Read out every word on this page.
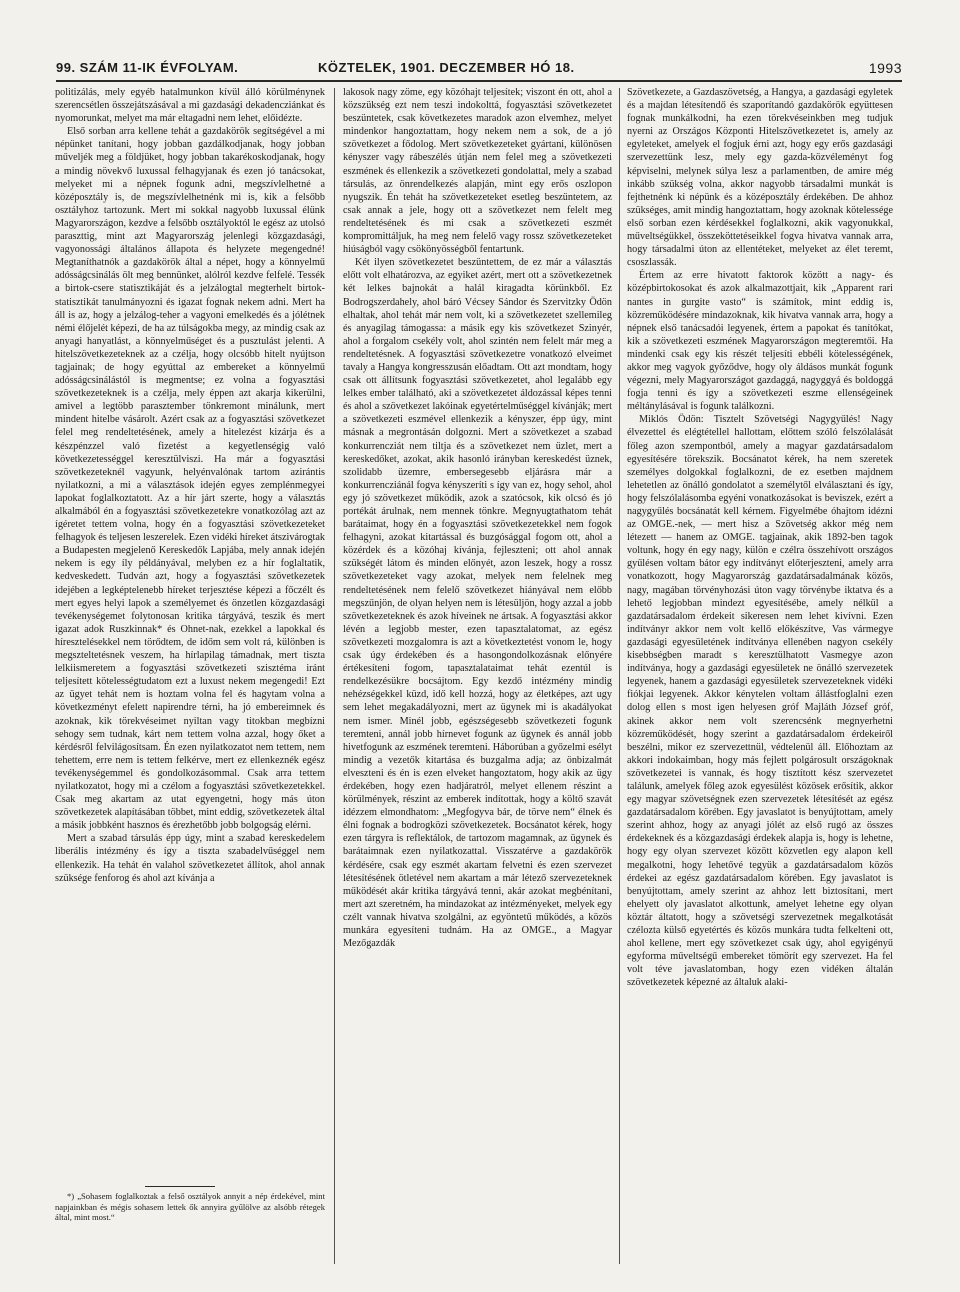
99. SZÁM 11-IK ÉVFOLYAM.	KÖZTELEK, 1901. DECZEMBER HÓ 18.	1993

politizálás, mely egyéb hatalmunkon kívül álló körülménynek szerencsétlen összejátszásával a mi gazdasági dekadencziánkat és nyomorunkat, melyet ma már eltagadni nem lehet, előidézte.

Első sorban arra kellene tehát a gazdakörök segítségével a mi népünket tanítani, hogy jobban gazdálkodjanak, hogy jobban műveljék meg a földjüket, hogy jobban takarékoskodjanak, hogy a mindig növekvő luxussal felhagyjanak és ezen jó tanácsokat, melyeket mi a népnek fogunk adni, megszívlelhetné a középosztály is, de megszívlelhetnénk mi is, kik a felsőbb osztályhoz tartozunk. Mert mi sokkal nagyobb luxussal élünk Magyarországon, kezdve a felsőbb osztályoktól le egész az utolsó paraszttig, mint azt Magyarország jelenlegi közgazdasági, vagyonossági általános állapota és helyzete megengedné! Megtaníthatnók a gazdakörök által a népet, hogy a könnyelmű adósságcsinálás ölt meg bennünket, alólról kezdve felfelé. Tessék a birtok-csere statisztikáját és a jelzálogtal megterhelt birtok-statisztikát tanulmányozni és igazat fognak nekem adni. Mert ha áll is az, hogy a jelzálog-teher a vagyoni emelkedés és a jólétnek némi élőjelét képezi, de ha az túlságokba megy, az mindig csak az anyagi hanyatlást, a könnyelműséget és a pusztulást jelenti. A hitelszövetkezeteknek az a czélja, hogy olcsóbb hitelt nyújtson tagjainak; de hogy egyúttal az embereket a könnyelmű adósságcsinálástól is megmentse; ez volna a fogyasztási szövetkezeteknek is a czélja, mely éppen azt akarja kikerülni, amivel a legtöbb parasztember tönkremont minálunk, mert mindent hitelbe vásárolt. Azért csak az a fogyasztási szövetkezet felel meg rendeltetésének, amely a hitelezést kizárja és a készpénzzel való fizetést a kegyetlenségig való következetességgel keresztülviszi. Ha már a fogyasztási szövetkezeteknél vagyunk, helyénvalónak tartom azirántis nyilatkozni, a mi a választások idején egyes zemplénmegyei lapokat foglalkoztatott. Az a hír járt szerte, hogy a választás alkalmából én a fogyasztási szövetkezetekre vonatkozólag azt az ígéretet tettem volna, hogy én a fogyasztási szövetkezeteket felhagyok és teljesen leszerelek. Ezen vidéki híreket átszivárogtak a Budapesten megjelenő Kereskedők Lapjába, mely annak idején nekem is egy íly példányával, melyben ez a hír foglaltatik, kedveskedett. Tudván azt, hogy a fogyasztási szövetkezetek idejében a legképtelenebb híreket terjesztése képezi a főczélt és mert egyes helyi lapok a személyemet és önzetlen közgazdasági tevékenységemet folytonosan kritika tárgyává, teszik és mert igazat adok Ruszkinnak* és Ohnet-nak, ezekkel a lapokkal és híresztelésekkel nem törődtem, de időm sem volt rá, különben is megszteltetésnek veszem, ha hírlapilag támadnak, mert tiszta lelkiismeretem a fogyasztási szövetkezeti szisztéma iránt teljesített kötelességtudatom ezt a luxust nekem megengedi! Ezt az ügyet tehát nem is hoztam volna fel és hagytam volna a következményt efelett napirendre térni, ha jó embereimnek és azoknak, kik törekvéseimet nyiltan vagy titokban megbízni sehogy sem tudnak, kárt nem tettem volna azzal, hogy őket a kérdésről felvilágosítsam. Én ezen nyilatkozatot nem tettem, nem tehettem, erre nem is tettem felkérve, mert ez ellenkeznék egész tevékenységemmel és gondolkozásommal. Csak arra tettem nyilatkozatot, hogy mi a czélom a fogyasztási szövetkezetekkel. Csak meg akartam az utat egyengetni, hogy más úton szövetkezetek alapításában többet, mint eddig, szövetkezetek által a másik jobbként hasznos és érezhetőbb jobb bolgogság elérni.

Mert a szabad társulás épp úgy, mint a szabad kereskedelem liberális intézmény és így a tiszta szabadelvűséggel nem ellenkezik. Ha tehát én valahol szövetkezetet állítok, ahol annak szüksége fenforog és ahol azt kívánja a

*) „Sohasem foglalkoztak a felső osztályok annyit a nép érdekével, mint napjainkban és mégis sohasem lettek ők annyira gyűlölve az alsóbb rétegek által, mint most.“

lakosok nagy zöme, egy közóhajt teljesítek; viszont én ott, ahol a közszükség ezt nem teszi indokolttá, fogyasztási szövetkezetet beszüntetek, csak következetes maradok azon elvemhez, melyet mindenkor hangoztattam, hogy nekem nem a sok, de a jó szövetkezet a fődolog. Mert szövetkezeteket gyártani, különösen kényszer vagy rábeszélés útján nem felel meg a szövetkezeti eszmének és ellenkezik a szövetkezeti gondolattal, mely a szabad társulás, az önrendelkezés alapján, mint egy erős oszlopon nyugszik. Én tehát ha szövetkezeteket esetleg beszüntetem, az csak annak a jele, hogy ott a szövetkezet nem felelt meg rendeltetésének és mi csak a szövetkezeti eszmét kompromittáljuk, ha meg nem felelő vagy rossz szövetkezeteket hiúságból vagy csökönyösségből fentartunk.

Két ilyen szövetkezetet beszüntettem, de ez már a választás előtt volt elhatározva, az egyiket azért, mert ott a szövetkezetnek két lelkes bajnokát a halál kiragadta körünkből. Ez Bodrogszerdahely, ahol báró Vécsey Sándor és Szervitzky Ödön elhaltak, ahol tehát már nem volt, ki a szövetkezetet szellemileg és anyagilag támogassa: a másik egy kis szövetkezet Szinyér, ahol a forgalom csekély volt, ahol szintén nem felelt már meg a rendeltetésnek. A fogyasztási szövetkezetre vonatkozó elveimet tavaly a Hangya kongresszusán előadtam. Ott azt mondtam, hogy csak ott állítsunk fogyasztási szövetkezetet, ahol legalább egy lelkes ember található, aki a szövetkezetet áldozással képes tenni és ahol a szövetkezet lakóinak egyetértelműséggel kívánják; mert a szövetkezeti eszmével ellenkezik a kényszer, épp úgy, mint másnak a megrontásán dolgozni. Mert a szövetkezet a szabad konkurrencziát nem tiltja és a szövetkezet nem üzlet, mert a kereskedőket, azokat, akik hasonló irányban kereskedést üznek, szolidabb üzemre, embersegesebb eljárásra már a konkurrencziánál fogva kényszeríti s így van ez, hogy sehol, ahol egy jó szövetkezet működik, azok a szatócsok, kik olcsó és jó portékát árulnak, nem mennek tönkre. Megnyugtathatom tehát barátaimat, hogy én a fogyasztási szövetkezetekkel nem fogok felhagyni, azokat kitartással és buzgósággal fogom ott, ahol a közérdek és a közóhaj kívánja, fejleszteni; ott ahol annak szükségét látom és minden előnyét, azon leszek, hogy a rossz szövetkezeteket vagy azokat, melyek nem felelnek meg rendeltetésének nem felelő szövetkezet hiányával nem előbb megszűnjön, de olyan helyen nem is létesüljön, hogy azzal a jobb szövetkezeteknek és azok híveinek ne ártsak. A fogyasztási akkor lévén a legjobb mester, ezen tapasztalatomat, az egész szövetkezeti mozgalomra is azt a következtetést vonom le, hogy csak úgy érdekében és a hasongondolkozásnak előnyére értékesíteni fogom, tapasztalataimat tehát ezentúl is rendelkezésükre bocsájtom. Egy kezdő intézmény mindig nehézségekkel küzd, idő kell hozzá, hogy az életképes, azt ugy sem lehet megakadályozni, mert az ügynek mi is akadályokat nem ismer. Minél jobb, egészségesebb szövetkezeti fogunk teremteni, annál jobb hírnevet fogunk az ügynek és annál jobb hivetfogunk az eszmének teremteni. Háborúban a győzelmi esélyt mindig a vezetők kitartása és buzgalma adja; az önbizalmát elveszteni és én is ezen elveket hangoztatom, hogy akik az ügy érdekében, hogy ezen hadjáratról, melyet ellenem részint a körülmények, részint az emberek indítottak, hogy a költő szavát idézzem elmondhatom: „Megfogyva bár, de törve nem“ élnek és élni fognak a bodrogközi szövetkezetek. Bocsánatot kérek, hogy ezen tárgyra is reflektálok, de tartozom magamnak, az ügynek és barátaimnak ezen nyilatkozattal. Visszatérve a gazdakörök kérdésére, csak egy eszmét akartam felvetni és ezen szervezet létesítésének ötletével nem akartam a már létező szervezeteknek működését akár kritika tárgyává tenni, akár azokat megbénítani, mert azt szeretném, ha mindazokat az intézményeket, melyek egy czélt vannak hivatva szolgálni, az egyöntetű működés, a közös munkára egyesíteni tudnám. Ha az OMGE., a Magyar Mezőgazdák

Szövetkezete, a Gazdaszövetség, a Hangya, a gazdasági egyletek és a majdan létesítendő és szaporítandó gazdakörök együttesen fognak munkálkodni, ha ezen törekvéseinkben meg tudjuk nyerni az Országos Központi Hitelszövetkezetet is, amely az egyleteket, amelyek el fogjuk érni azt, hogy egy erős gazdasági szervezettünk lesz, mely egy gazda-közvéleményt fog képviselni, melynek súlya lesz a parlamentben, de amire még inkább szükség volna, akkor nagyobb társadalmi munkát is fejthetnénk ki népünk és a középosztály érdekében. De ahhoz szükséges, amit mindig hangoztattam, hogy azoknak kötelessége első sorban ezen kérdésekkel foglalkozni, akik vagyonukkal, műveltségükkel, összeköttetéseikkel fogva hivatva vannak arra, hogy társadalmi úton az ellentéteket, melyeket az élet teremt, csoszlassák.

Értem az erre hivatott faktorok között a nagy- és középbirtokosokat és azok alkalmazottjait, kik „Apparent rari nantes in gurgite vasto“ is számítok, mint eddig is, közreműködésére mindazoknak, kik hivatva vannak arra, hogy a népnek első tanácsadói legyenek, értem a papokat és tanítókat, kik a szövetkezeti eszmének Magyarországon megteremtői. Ha mindenki csak egy kis részét teljesíti ebbéli kötelességének, akkor meg vagyok győződve, hogy oly áldásos munkát fogunk végezni, mely Magyarországot gazdaggá, nagyggyá és boldoggá fogja tenni és így a szövetkezeti eszme ellenségeinek méltánylásával is fogunk találkozni.

Miklós Ödön: Tisztelt Szövetségi Nagygyűlés! Nagy élvezettel és elégtétellel hallottam, előttem szóló felszólalását főleg azon szempontból, amely a magyar gazdatársadalom egyesítésére törekszik. Bocsánatot kérek, ha nem szeretek személyes dolgokkal foglalkozni, de ez esetben majdnem lehetetlen az önálló gondolatot a személytől elválasztani és így, hogy felszólalásomba egyéni vonatkozásokat is beviszek, ezért a nagygyűlés bocsánatát kell kérnem. Figyelmébe óhajtom idézni az OMGE.-nek, — mert hisz a Szövetség akkor még nem létezett — hanem az OMGE. tagjainak, akik 1892-ben tagok voltunk, hogy én egy nagy, külön e czélra összehívott országos gyűlésen voltam bátor egy indítványt előterjeszteni, amely arra vonatkozott, hogy Magyarország gazdatársadalmának közös, nagy, magában törvényhozási úton vagy törvénybe iktatva és a lehető legjobban mindezt egyesítésébe, amely nélkül a gazdatársadalom érdekeit sikeresen nem lehet kivívni. Ezen indítványr akkor nem volt kellő előkészítve, Vas vármegye gazdasági egyesületének indítványa ellenében nagyon csekély kisebbségben maradt s keresztülhatott Vasmegye azon indítványa, hogy a gazdasági egyesületek ne önálló szervezetek legyenek, hanem a gazdasági egyesületek szervezeteknek vidéki fiókjai legyenek. Akkor kénytelen voltam állástfoglalni ezen dolog ellen s most igen helyesen gróf Majláth József gróf, akinek akkor nem volt szerencsénk megnyerhetni közreműködését, hogy szerint a gazdatársadalom érdekeiről beszélni, mikor ez szervezettnül, védtelenül áll. Előhoztam az akkori indokaimban, hogy más fejlett polgárosult országoknak szövetkezetei is vannak, és hogy tisztított kész szervezetet találunk, amelyek főleg azok egyesülést közösek erősítik, akkor egy magyar szövetségnek ezen szervezetek létesítését az egész gazdatársadalom körében. Egy javaslatot is benyújtottam, amely szerint ahhoz, hogy az anyagi jólét az első rugó az összes érdekeknek és a közgazdasági érdekek alapja is, hogy is lehetne, hogy egy olyan szervezet között közvetlen egy alapon kell megalkotni, hogy lehetővé tegyük a gazdatársadalom közös érdekei az egész gazdatársadalom körében. Egy javaslatot is benyújtottam, amely szerint az ahhoz lett biztosítani, mert ehelyett oly javaslatot alkottunk, amelyet lehetne egy olyan köztár áltatott, hogy a szövetségi szervezetnek megalkotását czélozta külső egyetértés és közös munkára tudta felkelteni ott, ahol kellene, mert egy szövetkezet csak úgy, ahol egyigényű egyforma műveltségű embereket tömörít egy szervezet. Ha fel volt téve javaslatomban, hogy ezen vidéken általán szövetkezetek képezné az általuk alaki-
